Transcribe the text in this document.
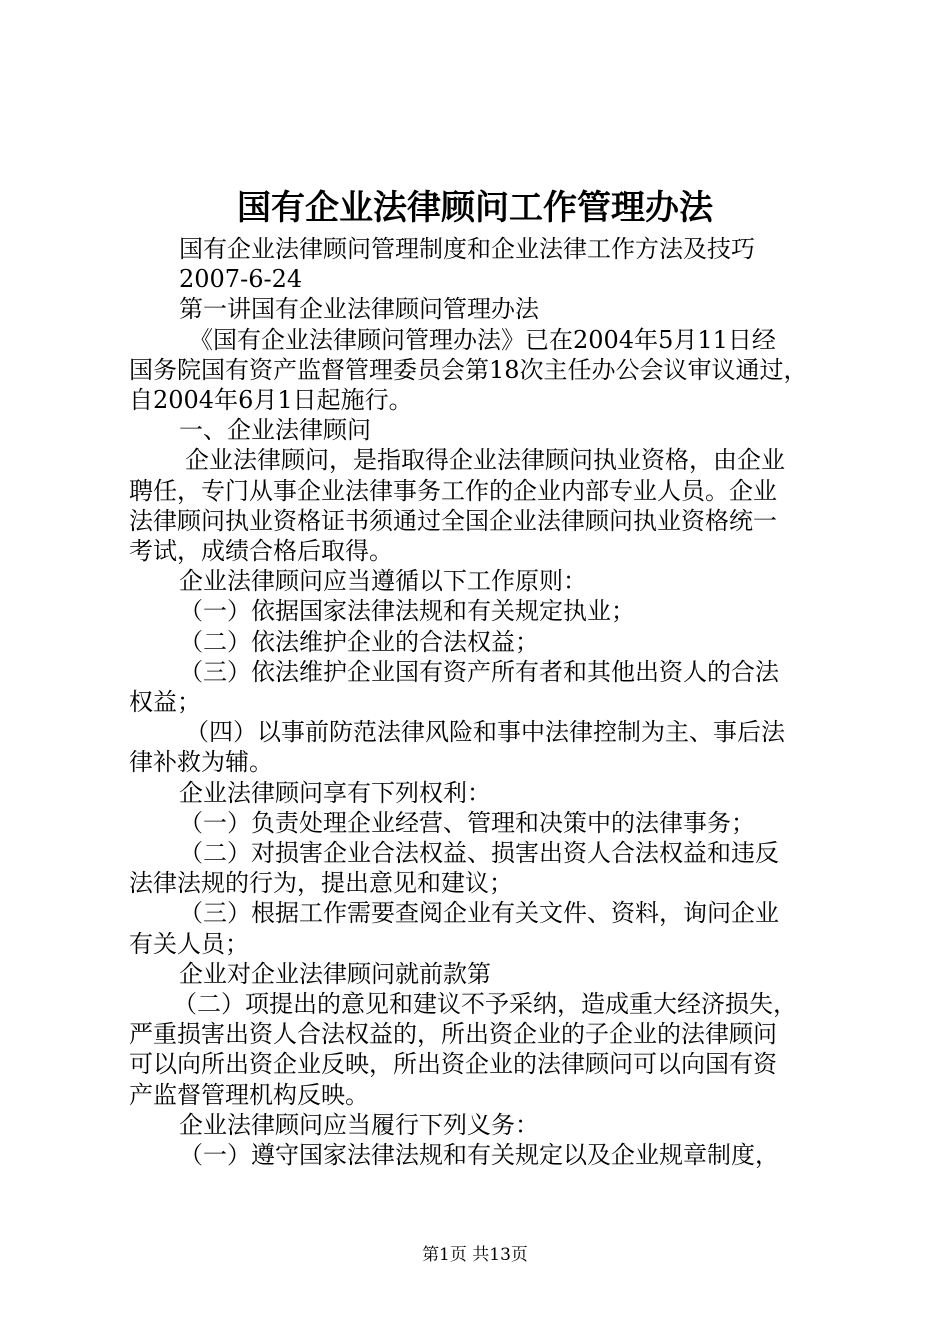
国有企业法律顾问工作管理办法

国有企业法律顾问管理制度和企业法律工作方法及技巧

2007-6-24

第一讲国有企业法律顾问管理办法

《国有企业法律顾问管理办法》已在2004年5月11日经

国务院国有资产监督管理委员会第18次主任办公会议审议通过，

自2004年6月1日起施行。

一、企业法律顾问

企业法律顾问，是指取得企业法律顾问执业资格，由企业

聘任，专门从事企业法律事务工作的企业内部专业人员。企业

法律顾问执业资格证书须通过全国企业法律顾问执业资格统一

考试，成绩合格后取得。

企业法律顾问应当遵循以下工作原则：

（一）依据国家法律法规和有关规定执业；

（二）依法维护企业的合法权益；

（三）依法维护企业国有资产所有者和其他出资人的合法

权益；

（四）以事前防范法律风险和事中法律控制为主、事后法

律补救为辅。

企业法律顾问享有下列权利：

（一）负责处理企业经营、管理和决策中的法律事务；

（二）对损害企业合法权益、损害出资人合法权益和违反

法律法规的行为，提出意见和建议；

（三）根据工作需要查阅企业有关文件、资料，询问企业

有关人员；

企业对企业法律顾问就前款第

（二）项提出的意见和建议不予采纳，造成重大经济损失，

严重损害出资人合法权益的，所出资企业的子企业的法律顾问

可以向所出资企业反映，所出资企业的法律顾问可以向国有资

产监督管理机构反映。

企业法律顾问应当履行下列义务：

（一）遵守国家法律法规和有关规定以及企业规章制度，

第1页 共13页
